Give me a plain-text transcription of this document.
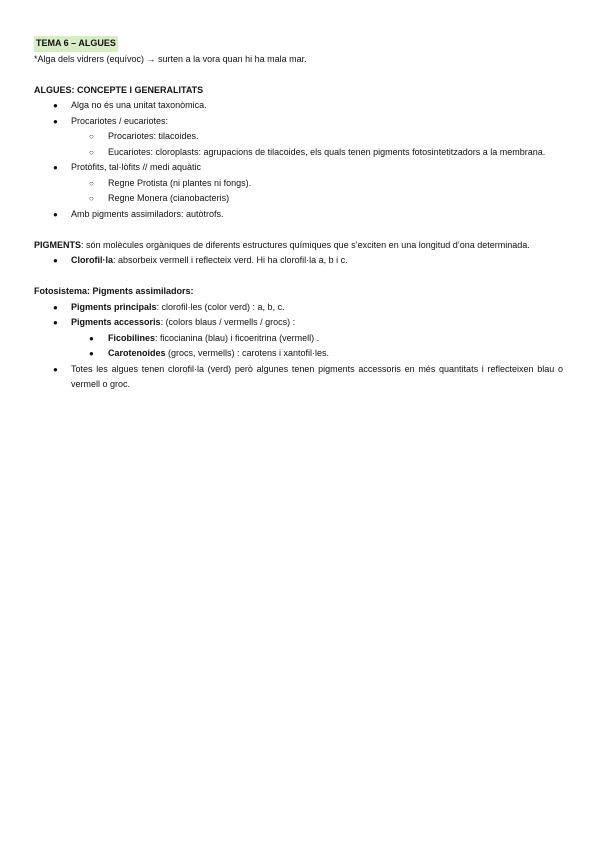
TEMA 6 – ALGUES

*Alga dels vidrers (equívoc) → surten a la vora quan hi ha mala mar.

ALGUES: CONCEPTE I GENERALITATS

● Alga no és una unitat taxonòmica.
● Procariotes / eucariotes:
○ Procariotes: tilacoides.
○ Eucariotes: cloroplasts: agrupacions de tilacoides, els quals tenen pigments fotosintetitzadors a la membrana.
● Protòfits, tal·lòfits // medi aquàtic
○ Regne Protista (ni plantes ni fongs).
○ Regne Monera (cianobacteris)
● Amb pigments assimiladors: autòtrofs.

PIGMENTS: són molècules orgàniques de diferents estructures químiques que s’exciten en una longitud d’ona determinada.

● Clorofil·la: absorbeix vermell i reflecteix verd. Hi ha clorofil·la a, b i c.

Fotosistema: Pigments assimiladors:

● Pigments principals: clorofil·les (color verd) : a, b, c.
● Pigments accessoris: (colors blaus / vermells / grocs) :
● Ficobilines: ficocianina (blau) i ficoeritrina (vermell) .
● Carotenoides (grocs, vermells) : carotens i xantofil·les.
● Totes les algues tenen clorofil·la (verd) però algunes tenen pigments accessoris en més quantitats i reflecteixen blau o vermell o groc.
